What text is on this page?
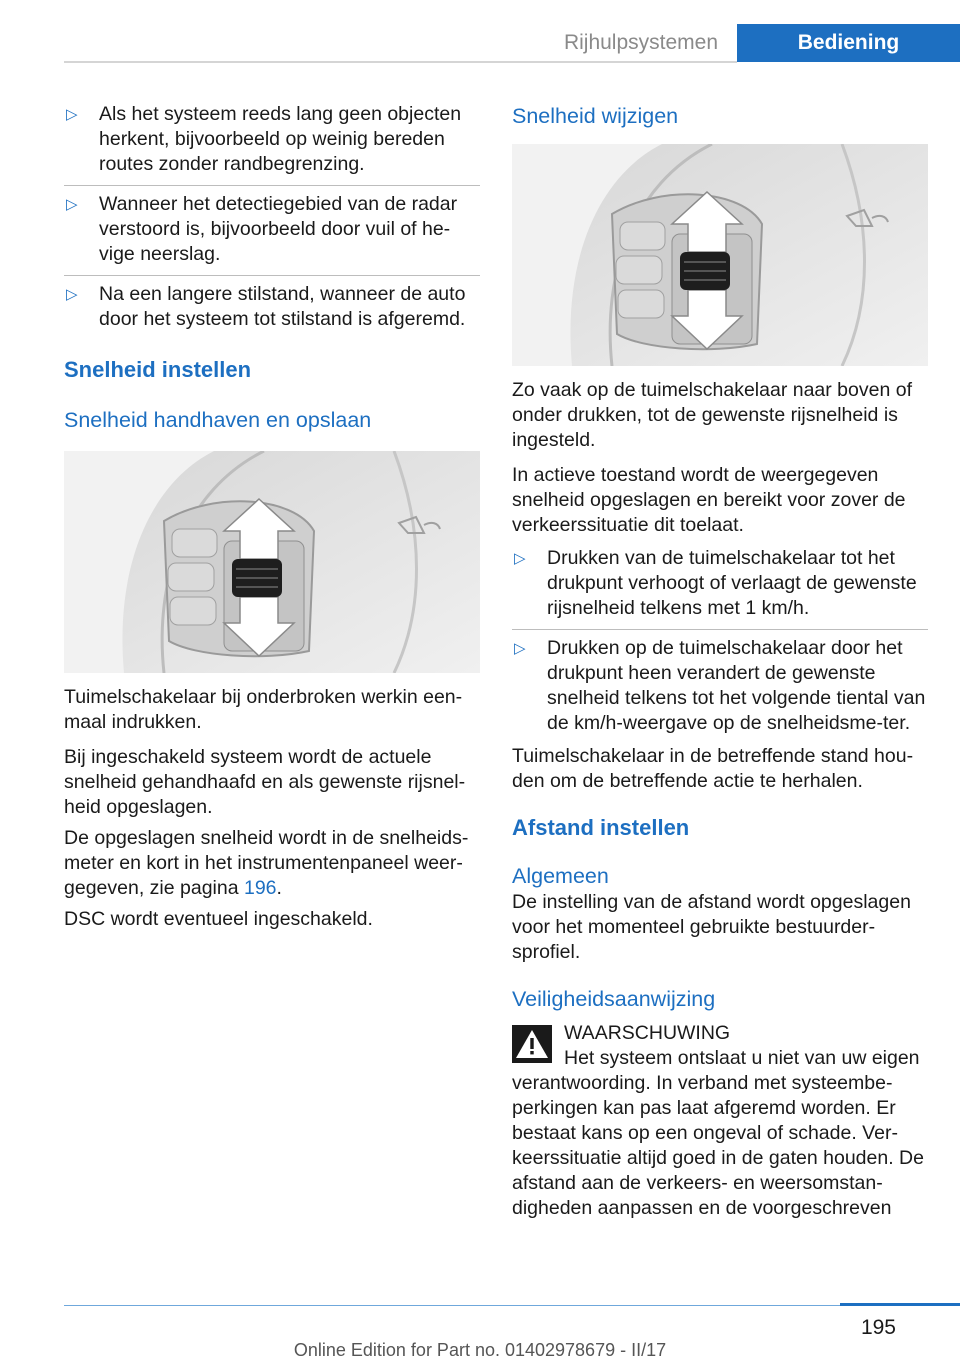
Rijhulpsystemen	Bediening
▷ Als het systeem reeds lang geen objecten herkent, bijvoorbeeld op weinig bereden routes zonder randbegrenzing.
▷ Wanneer het detectiegebied van de radar verstoord is, bijvoorbeeld door vuil of he-vige neerslag.
▷ Na een langere stilstand, wanneer de auto door het systeem tot stilstand is afgeremd.
Snelheid instellen
Snelheid handhaven en opslaan

Tuimelschakelaar bij onderbroken werkin een-maal indrukken.

Bij ingeschakeld systeem wordt de actuele snelheid gehandhaafd en als gewenste rijsnel-heid opgeslagen.

De opgeslagen snelheid wordt in de snelheids-meter en kort in het instrumentenpaneel weer-gegeven, zie pagina 196.

DSC wordt eventueel ingeschakeld.

Snelheid wijzigen

Zo vaak op de tuimelschakelaar naar boven of onder drukken, tot de gewenste rijsnelheid is ingesteld.

In actieve toestand wordt de weergegeven snelheid opgeslagen en bereikt voor zover de verkeerssituatie dit toelaat.

▷ Drukken van de tuimelschakelaar tot het drukpunt verhoogt of verlaagt de gewenste rijsnelheid telkens met 1 km/h.
▷ Drukken op de tuimelschakelaar door het drukpunt heen verandert de gewenste snelheid telkens tot het volgende tiental van de km/h-weergave op de snelheidsme-ter.

Tuimelschakelaar in de betreffende stand hou-den om de betreffende actie te herhalen.

Afstand instellen
Algemeen

De instelling van de afstand wordt opgeslagen voor het momenteel gebruikte bestuurder-sprofiel.

Veiligheidsaanwijzing
WAARSCHUWING

Het systeem ontslaat u niet van uw eigen verantwoording. In verband met systeembe-perkingen kan pas laat afgeremd worden. Er bestaat kans op een ongeval of schade. Ver-keerssituatie altijd goed in de gaten houden. De afstand aan de verkeers- en weersomstan-digheden aanpassen en de voorgeschreven

195
Online Edition for Part no. 01402978679 - II/17
